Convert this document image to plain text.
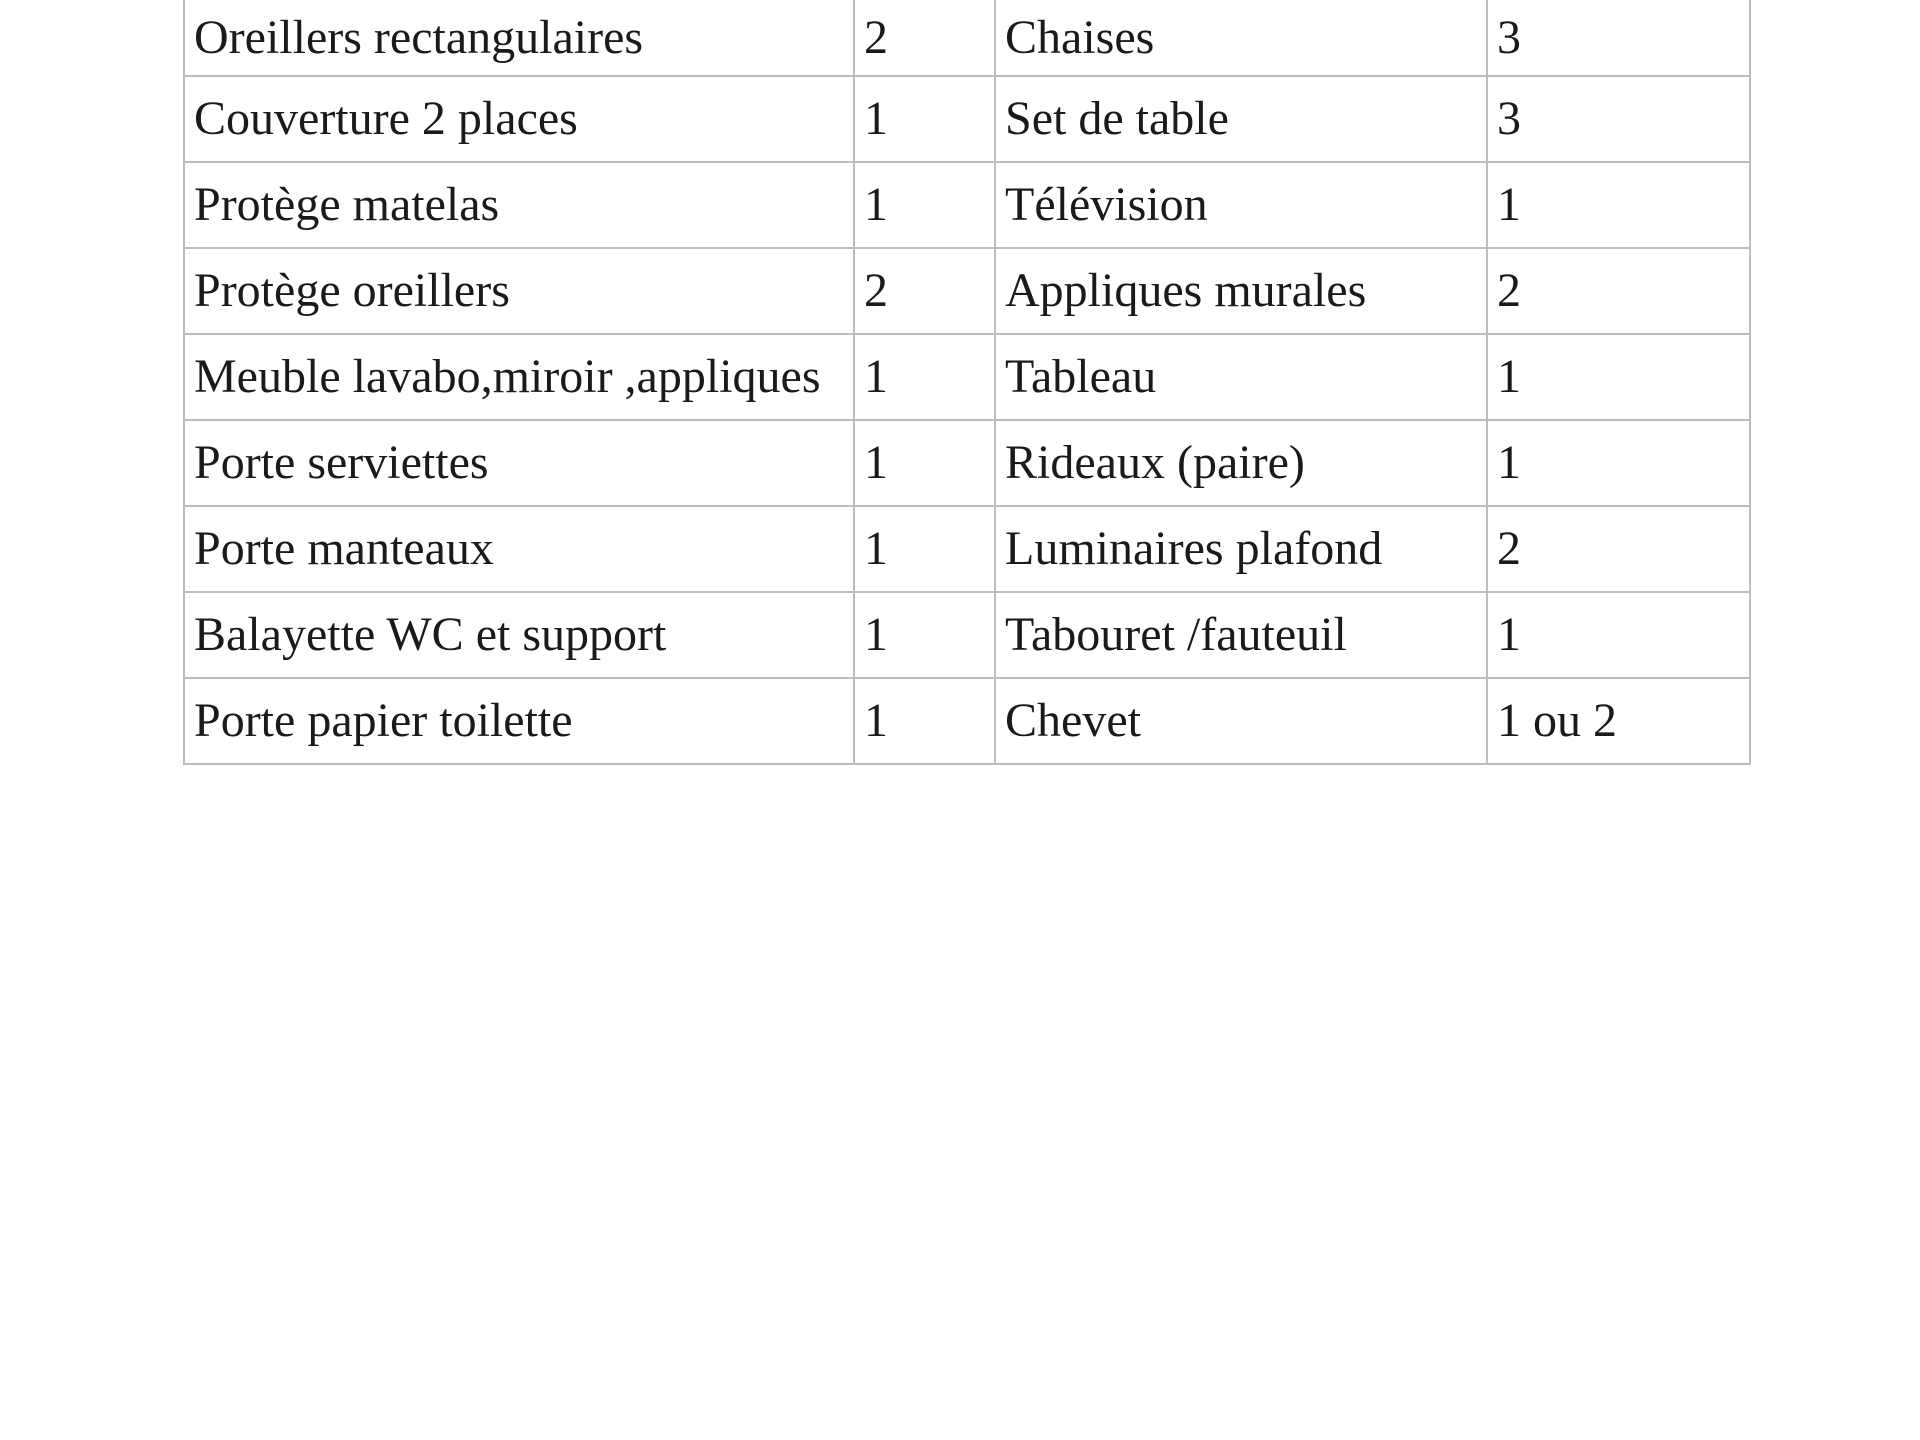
Oreillers rectangulaires	2	Chaises	3
Couverture 2 places	1	Set de table	3
Protège matelas	1	Télévision	1
Protège oreillers	2	Appliques murales	2
Meuble lavabo,miroir ,appliques	1	Tableau	1
Porte serviettes	1	Rideaux (paire)	1
Porte manteaux	1	Luminaires plafond	2
Balayette WC et support	1	Tabouret /fauteuil	1
Porte papier toilette	1	Chevet	1 ou 2
